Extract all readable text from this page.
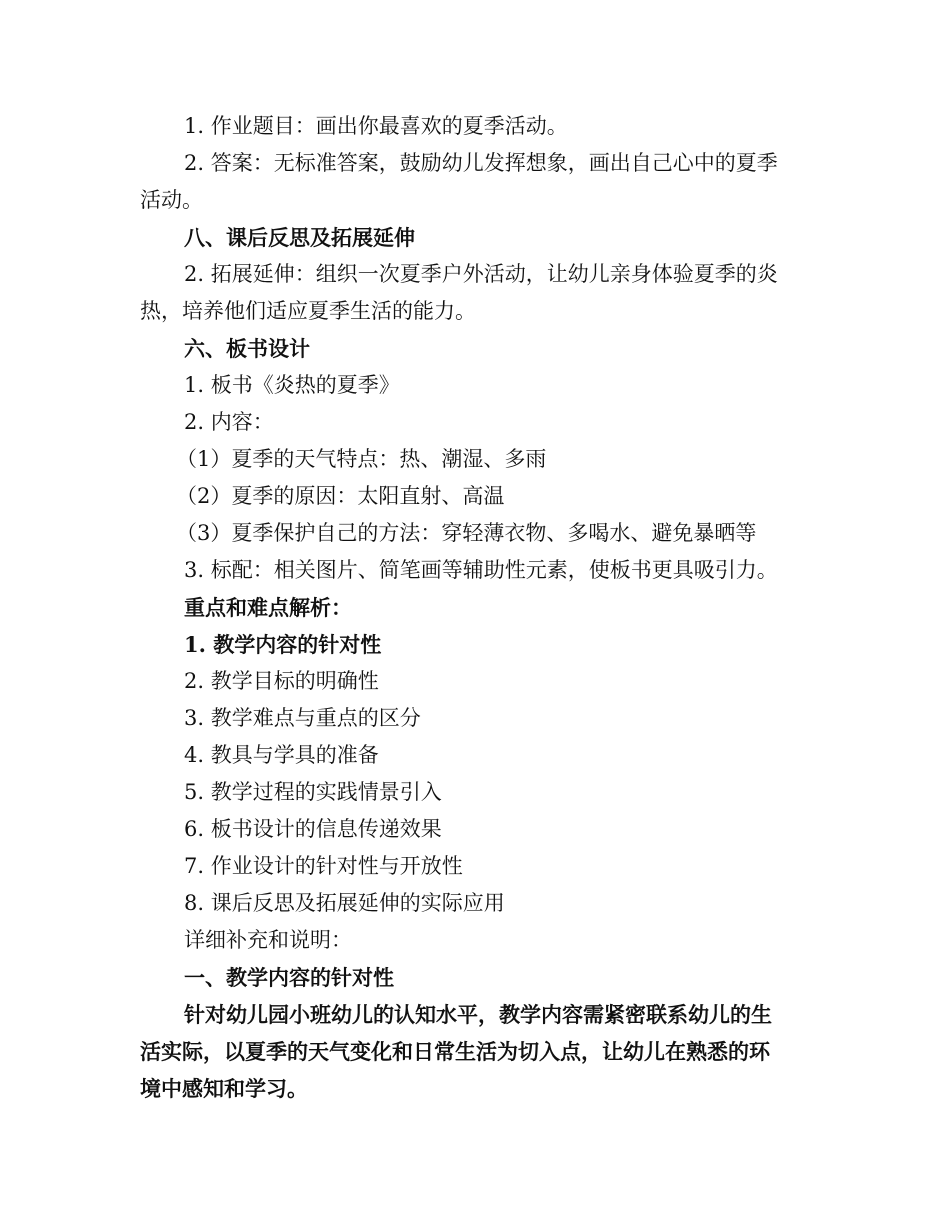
1. 作业题目：画出你最喜欢的夏季活动。
2. 答案：无标准答案，鼓励幼儿发挥想象，画出自己心中的夏季
活动。
八、课后反思及拓展延伸
2. 拓展延伸：组织一次夏季户外活动，让幼儿亲身体验夏季的炎
热，培养他们适应夏季生活的能力。
六、板书设计
1. 板书《炎热的夏季》
2. 内容：
（1）夏季的天气特点：热、潮湿、多雨
（2）夏季的原因：太阳直射、高温
（3）夏季保护自己的方法：穿轻薄衣物、多喝水、避免暴晒等
3. 标配：相关图片、简笔画等辅助性元素，使板书更具吸引力。
重点和难点解析：
1. 教学内容的针对性
2. 教学目标的明确性
3. 教学难点与重点的区分
4. 教具与学具的准备
5. 教学过程的实践情景引入
6. 板书设计的信息传递效果
7. 作业设计的针对性与开放性
8. 课后反思及拓展延伸的实际应用
详细补充和说明：
一、教学内容的针对性
针对幼儿园小班幼儿的认知水平，教学内容需紧密联系幼儿的生
活实际，以夏季的天气变化和日常生活为切入点，让幼儿在熟悉的环
境中感知和学习。
